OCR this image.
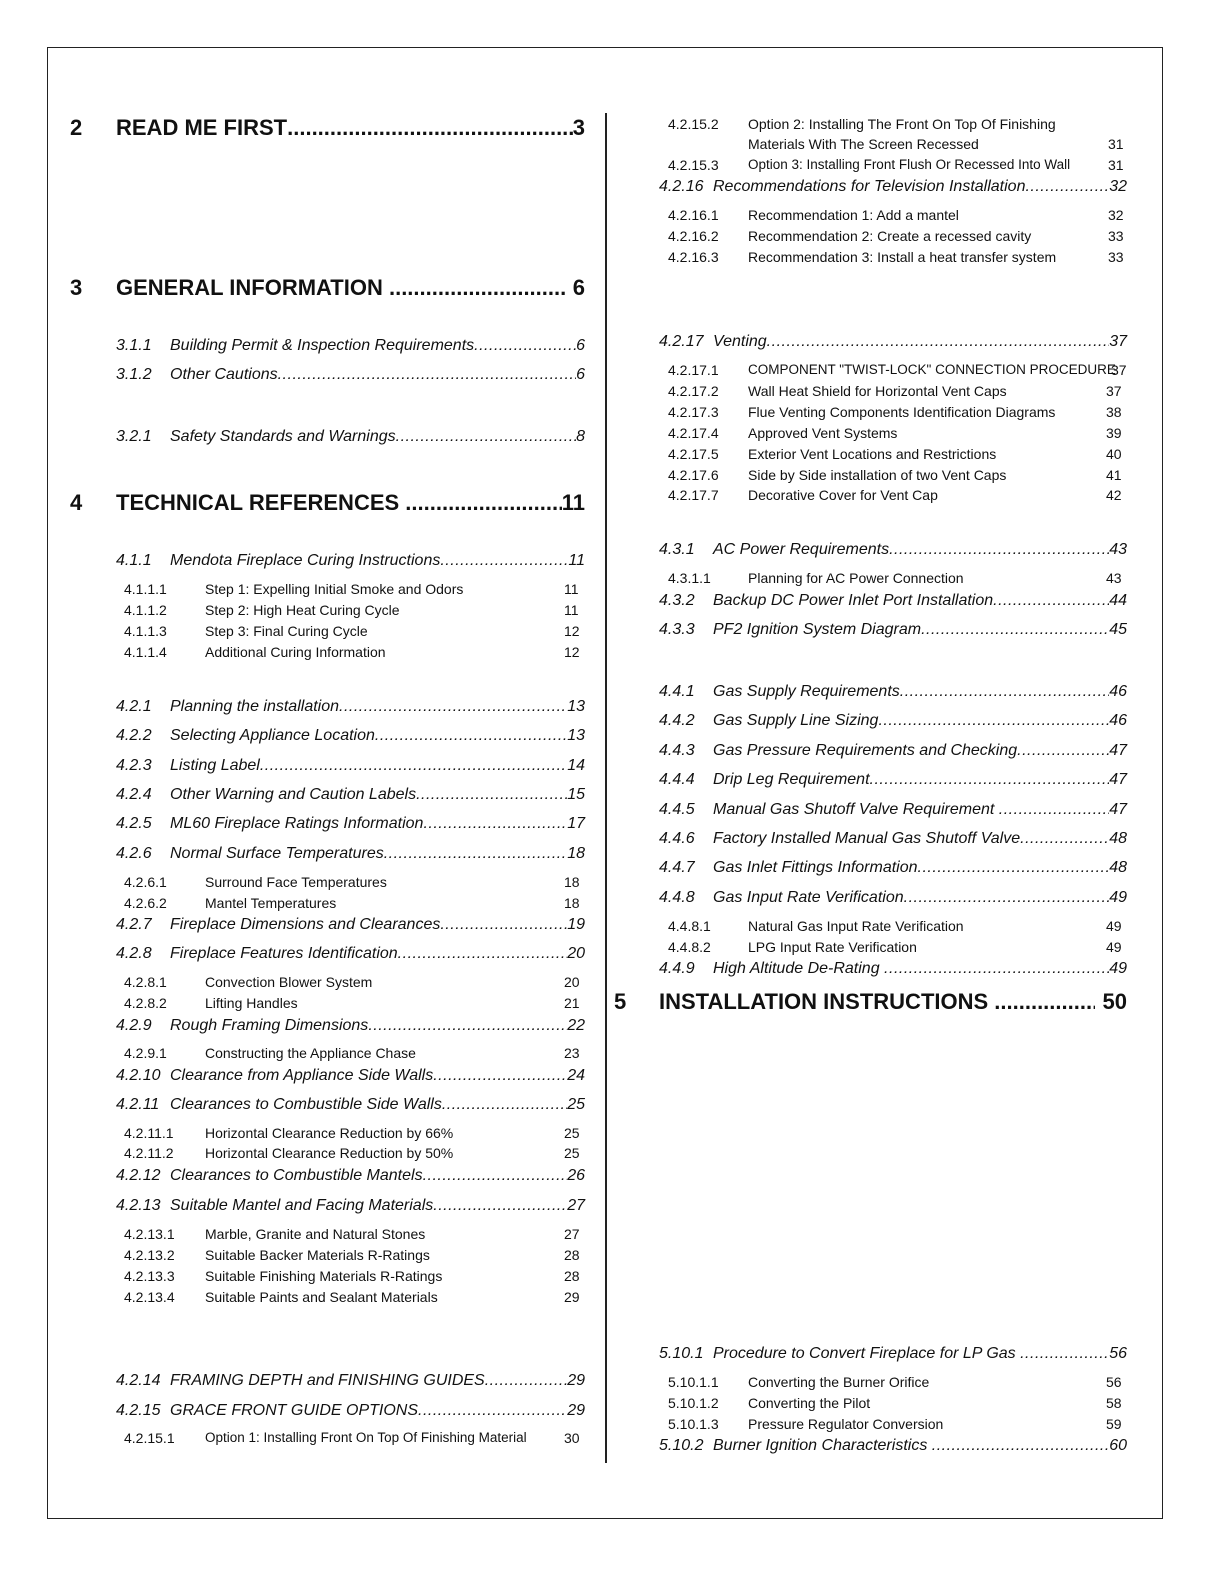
2 READ ME FIRST .....	3
3 GENERAL INFORMATION .....	6
3.1.1	Building Permit & Inspection Requirements .....	6
3.1.2	Other Cautions .....	6
3.2.1	Safety Standards and Warnings .....	8
4 TECHNICAL REFERENCES .....	11
4.1.1	Mendota Fireplace Curing Instructions .....	11
4.1.1.1	Step 1: Expelling Initial Smoke and Odors	11
4.1.1.2	Step 2: High Heat Curing Cycle	11
4.1.1.3	Step 3: Final Curing Cycle	12
4.1.1.4	Additional Curing Information	12
4.2.1	Planning the installation .....	13
4.2.2	Selecting Appliance Location .....	13
4.2.3	Listing Label .....	14
4.2.4	Other Warning and Caution Labels .....	15
4.2.5	ML60 Fireplace Ratings Information .....	17
4.2.6	Normal Surface Temperatures .....	18
4.2.6.1	Surround Face Temperatures	18
4.2.6.2	Mantel Temperatures	18
4.2.7	Fireplace Dimensions and Clearances .....	19
4.2.8	Fireplace Features Identification .....	20
4.2.8.1	Convection Blower System	20
4.2.8.2	Lifting Handles	21
4.2.9	Rough Framing Dimensions .....	22
4.2.9.1	Constructing the Appliance Chase	23
4.2.10 Clearance from Appliance Side Walls .....	24
4.2.11 Clearances to Combustible Side Walls .....	25
4.2.11.1 Horizontal Clearance Reduction by 66%	25
4.2.11.2 Horizontal Clearance Reduction by 50%	25
4.2.12 Clearances to Combustible Mantels .....	26
4.2.13 Suitable Mantel and Facing Materials .....	27
4.2.13.1 Marble, Granite and Natural Stones	27
4.2.13.2 Suitable Backer Materials R-Ratings	28
4.2.13.3 Suitable Finishing Materials R-Ratings	28
4.2.13.4 Suitable Paints and Sealant Materials	29
4.2.14 FRAMING DEPTH and FINISHING GUIDES .....	29
4.2.15 GRACE FRONT GUIDE OPTIONS .....	29
4.2.15.1 Option 1: Installing Front On Top Of Finishing Material	30
4.2.15.2 Option 2: Installing The Front On Top Of Finishing
Materials With The Screen Recessed	31
4.2.15.3 Option 3: Installing Front Flush Or Recessed Into Wall	31
4.2.16 Recommendations for Television Installation .....	32
4.2.16.1 Recommendation 1: Add a mantel	32
4.2.16.2 Recommendation 2: Create a recessed cavity	33
4.2.16.3 Recommendation 3: Install a heat transfer system	33
4.2.17 Venting .....	37
4.2.17.1 COMPONENT "TWIST-LOCK" CONNECTION PROCEDURE
37
4.2.17.2 Wall Heat Shield for Horizontal Vent Caps	37
4.2.17.3 Flue Venting Components Identification Diagrams	38
4.2.17.4 Approved Vent Systems	39
4.2.17.5 Exterior Vent Locations and Restrictions	40
4.2.17.6 Side by Side installation of two Vent Caps	41
4.2.17.7 Decorative Cover for Vent Cap	42
4.3.1	AC Power Requirements .....	43
4.3.1.1	Planning for AC Power Connection	43
4.3.2	Backup DC Power Inlet Port Installation .....	44
4.3.3	PF2 Ignition System Diagram .....	45
4.4.1	Gas Supply Requirements .....	46
4.4.2	Gas Supply Line Sizing .....	46
4.4.3	Gas Pressure Requirements and Checking .....	47
4.4.4	Drip Leg Requirement .....	47
4.4.5	Manual Gas Shutoff Valve Requirement .....	47
4.4.6	Factory Installed Manual Gas Shutoff Valve .....	48
4.4.7	Gas Inlet Fittings Information .....	48
4.4.8	Gas Input Rate Verification .....	49
4.4.8.1	Natural Gas Input Rate Verification	49
4.4.8.2	LPG Input Rate Verification	49
4.4.9	High Altitude De-Rating .....	49
5 INSTALLATION INSTRUCTIONS .....	50
5.10.1 Procedure to Convert Fireplace for LP Gas .....	56
5.10.1.1 Converting the Burner Orifice	56
5.10.1.2 Converting the Pilot	58
5.10.1.3 Pressure Regulator Conversion	59
5.10.2 Burner Ignition Characteristics .....	60
